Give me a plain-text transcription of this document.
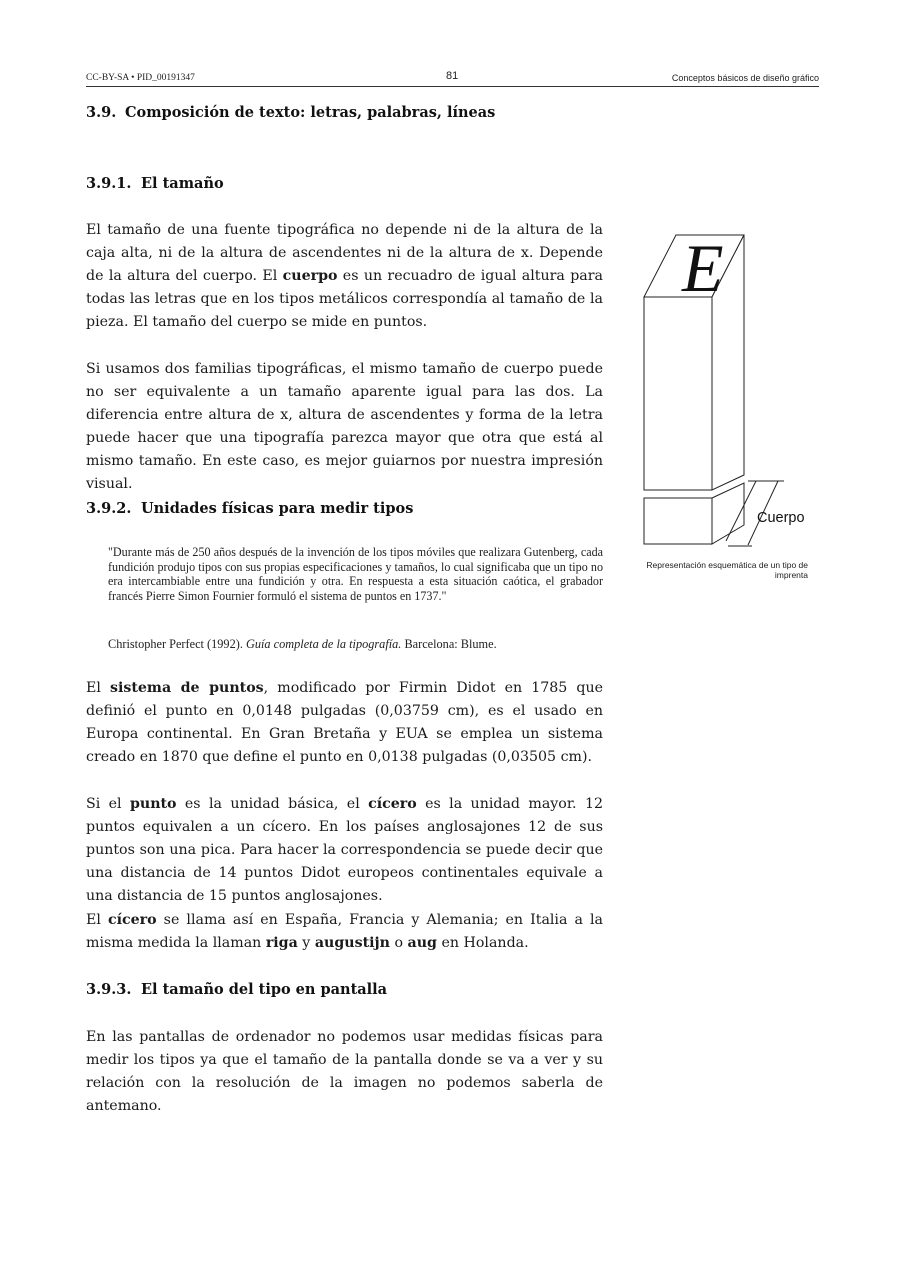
CC-BY-SA • PID_00191347	81	Conceptos básicos de diseño gráfico
3.9. Composición de texto: letras, palabras, líneas
3.9.1. El tamaño

El tamaño de una fuente tipográfica no depende ni de la altura de la caja alta, ni de la altura de ascendentes ni de la altura de x. Depende de la altura del cuerpo. El cuerpo es un recuadro de igual altura para todas las letras que en los tipos metálicos correspondía al tamaño de la pieza. El tamaño del cuerpo se mide en puntos.

Si usamos dos familias tipográficas, el mismo tamaño de cuerpo puede no ser equivalente a un tamaño aparente igual para las dos. La diferencia entre altura de x, altura de ascendentes y forma de la letra puede hacer que una tipografía parezca mayor que otra que está al mismo tamaño. En este caso, es mejor guiarnos por nuestra impresión visual.

3.9.2. Unidades físicas para medir tipos

"Durante más de 250 años después de la invención de los tipos móviles que realizara Gutenberg, cada fundición produjo tipos con sus propias especificaciones y tamaños, lo cual significaba que un tipo no era intercambiable entre una fundición y otra. En respuesta a esta situación caótica, el grabador francés Pierre Simon Fournier formuló el sistema de puntos en 1737."

Christopher Perfect (1992). Guía completa de la tipografía. Barcelona: Blume.

El sistema de puntos, modificado por Firmin Didot en 1785 que definió el punto en 0,0148 pulgadas (0,03759 cm), es el usado en Europa continental. En Gran Bretaña y EUA se emplea un sistema creado en 1870 que define el punto en 0,0138 pulgadas (0,03505 cm).

Si el punto es la unidad básica, el cícero es la unidad mayor. 12 puntos equivalen a un cícero. En los países anglosajones 12 de sus puntos son una pica. Para hacer la correspondencia se puede decir que una distancia de 14 puntos Didot europeos continentales equivale a una distancia de 15 puntos anglosajones.

El cícero se llama así en España, Francia y Alemania; en Italia a la misma medida la llaman riga y augustijn o aug en Holanda.

3.9.3. El tamaño del tipo en pantalla

En las pantallas de ordenador no podemos usar medidas físicas para medir los tipos ya que el tamaño de la pantalla donde se va a ver y su relación con la resolución de la imagen no podemos saberla de antemano.

E
Cuerpo
Representación esquemática de un tipo de imprenta
